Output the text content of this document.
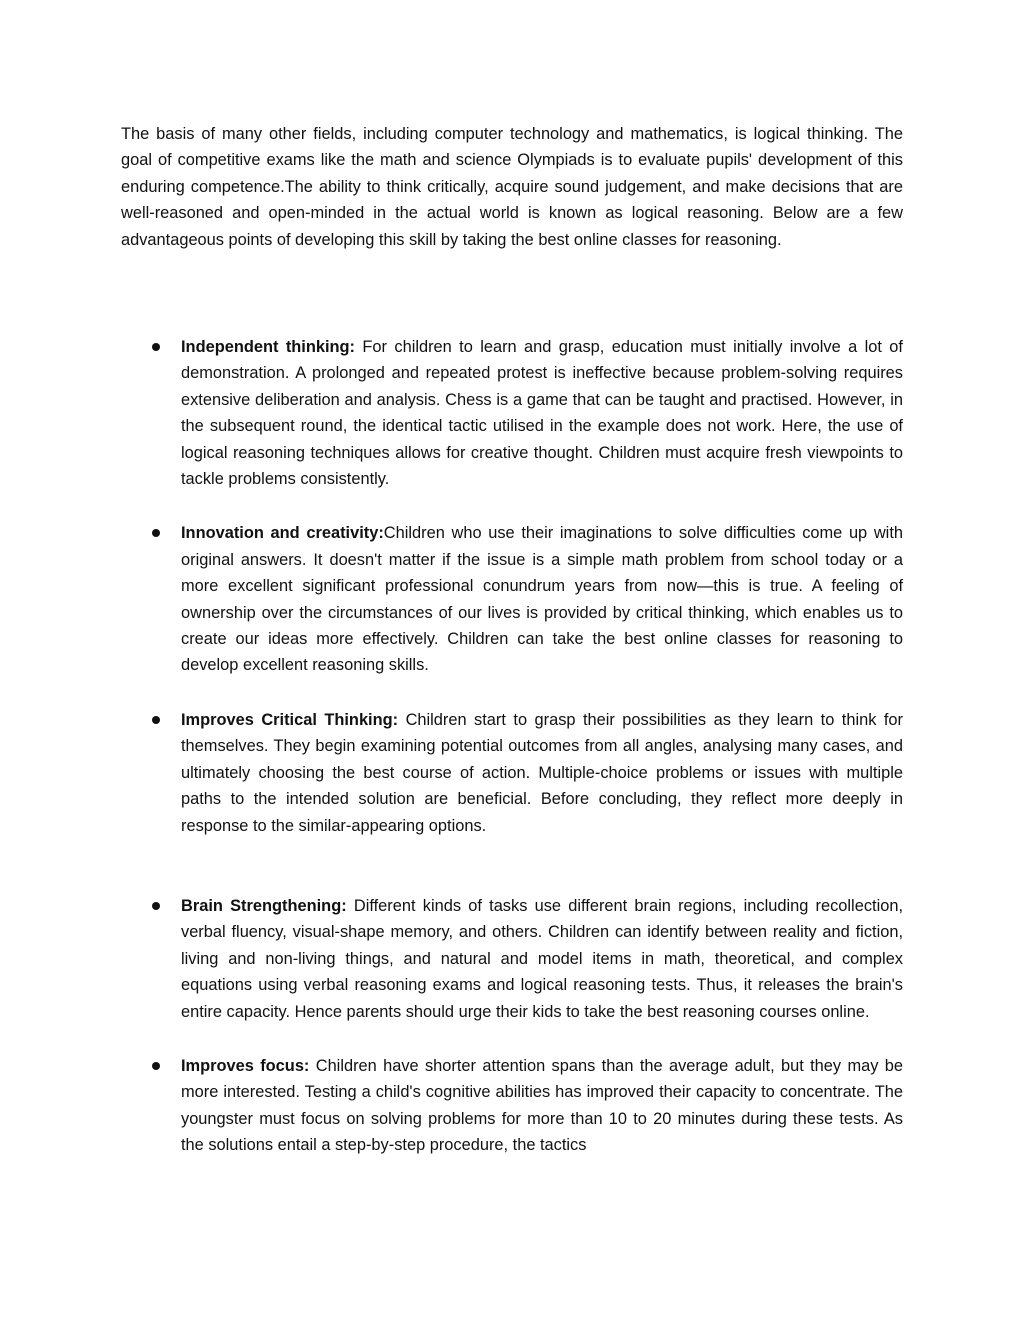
The basis of many other fields, including computer technology and mathematics, is logical thinking. The goal of competitive exams like the math and science Olympiads is to evaluate pupils' development of this enduring competence.The ability to think critically, acquire sound judgement, and make decisions that are well-reasoned and open-minded in the actual world is known as logical reasoning. Below are a few advantageous points of developing this skill by taking the best online classes for reasoning.

Independent thinking: For children to learn and grasp, education must initially involve a lot of demonstration. A prolonged and repeated protest is ineffective because problem-solving requires extensive deliberation and analysis. Chess is a game that can be taught and practised. However, in the subsequent round, the identical tactic utilised in the example does not work. Here, the use of logical reasoning techniques allows for creative thought. Children must acquire fresh viewpoints to tackle problems consistently.
Innovation and creativity:Children who use their imaginations to solve difficulties come up with original answers. It doesn't matter if the issue is a simple math problem from school today or a more excellent significant professional conundrum years from now—this is true. A feeling of ownership over the circumstances of our lives is provided by critical thinking, which enables us to create our ideas more effectively. Children can take the best online classes for reasoning to develop excellent reasoning skills.
Improves Critical Thinking: Children start to grasp their possibilities as they learn to think for themselves. They begin examining potential outcomes from all angles, analysing many cases, and ultimately choosing the best course of action. Multiple-choice problems or issues with multiple paths to the intended solution are beneficial. Before concluding, they reflect more deeply in response to the similar-appearing options.
Brain Strengthening: Different kinds of tasks use different brain regions, including recollection, verbal fluency, visual-shape memory, and others. Children can identify between reality and fiction, living and non-living things, and natural and model items in math, theoretical, and complex equations using verbal reasoning exams and logical reasoning tests. Thus, it releases the brain's entire capacity. Hence parents should urge their kids to take the best reasoning courses online.
Improves focus: Children have shorter attention spans than the average adult, but they may be more interested. Testing a child's cognitive abilities has improved their capacity to concentrate. The youngster must focus on solving problems for more than 10 to 20 minutes during these tests. As the solutions entail a step-by-step procedure, the tactics
